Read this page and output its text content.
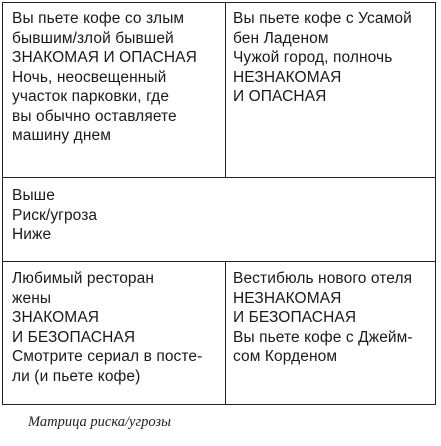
Вы пьете кофе со злым
бывшим/злой бывшей
ЗНАКОМАЯ И ОПАСНАЯ
Ночь, неосвещенный
участок парковки, где
вы обычно оставляете
машину днем
Вы пьете кофе с Усамой
бен Ладеном
Чужой город, полночь
НЕЗНАКОМАЯ
И ОПАСНАЯ
Выше
Риск/угроза
Ниже
Любимый ресторан
жены
ЗНАКОМАЯ
И БЕЗОПАСНАЯ
Смотрите сериал в посте-
ли (и пьете кофе)
Вестибюль нового отеля
НЕЗНАКОМАЯ
И БЕЗОПАСНАЯ
Вы пьете кофе с Джейм-
сом Корденом
Матрица риска/угрозы
